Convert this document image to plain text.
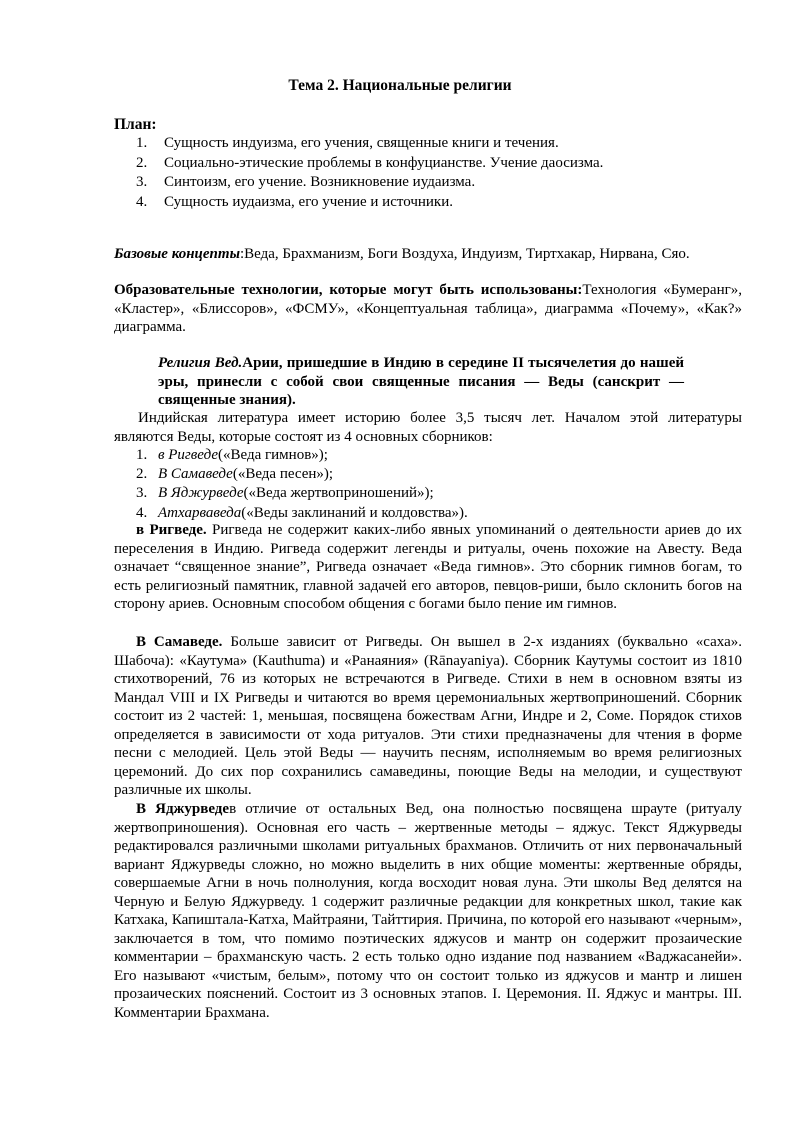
Тема 2. Национальные религии
План:
1. Сущность индуизма, его учения, священные книги и течения.
2. Социально-этические проблемы в конфуцианстве. Учение даосизма.
3. Синтоизм, его учение. Возникновение иудаизма.
4. Сущность иудаизма, его учение и источники.
Базовые концепты:Веда, Брахманизм, Боги Воздуха, Индуизм, Тиртхакар, Нирвана, Сяо.
Образовательные технологии, которые могут быть использованы:Технология «Бумеранг», «Кластер», «Блиссоров», «ФСМУ», «Концептуальная таблица», диаграмма «Почему», «Как?» диаграмма.
Религия Вед.Арии, пришедшие в Индию в середине II тысячелетия до нашей эры, принесли с собой свои священные писания — Веды (санскрит — священные знания).
Индийская литература имеет историю более 3,5 тысяч лет. Началом этой литературы являются Веды, которые состоят из 4 основных сборников:
1. в Ригведе(«Веда гимнов»);
2. В Самаведе(«Веда песен»);
3. В Яджурведе(«Веда жертвоприношений»);
4. Атхарваведа(«Веды заклинаний и колдовства»).
в Ригведе. Ригведа не содержит каких-либо явных упоминаний о деятельности ариев до их переселения в Индию. Ригведа содержит легенды и ритуалы, очень похожие на Авесту. Веда означает “священное знание”, Ригведа означает «Веда гимнов». Это сборник гимнов богам, то есть религиозный памятник, главной задачей его авторов, певцов-риши, было склонить богов на сторону ариев. Основным способом общения с богами было пение им гимнов.
В Самаведе. Больше зависит от Ригведы. Он вышел в 2-х изданиях (буквально «саха». Шабоча): «Каутума» (Kauthuma) и «Ранаяния» (Rānayaniya). Сборник Каутумы состоит из 1810 стихотворений, 76 из которых не встречаются в Ригведе. Стихи в нем в основном взяты из Мандал VIII и IX Ригведы и читаются во время церемониальных жертвоприношений. Сборник состоит из 2 частей: 1, меньшая, посвящена божествам Агни, Индре и 2, Соме. Порядок стихов определяется в зависимости от хода ритуалов. Эти стихи предназначены для чтения в форме песни с мелодией. Цель этой Веды — научить песням, исполняемым во время религиозных церемоний. До сих пор сохранились самаведины, поющие Веды на мелодии, и существуют различные их школы.
В Яджурведев отличие от остальных Вед, она полностью посвящена шрауте (ритуалу жертвоприношения). Основная его часть – жертвенные методы – яджус. Текст Яджурведы редактировался различными школами ритуальных брахманов. Отличить от них первоначальный вариант Яджурведы сложно, но можно выделить в них общие моменты: жертвенные обряды, совершаемые Агни в ночь полнолуния, когда восходит новая луна. Эти школы Вед делятся на Черную и Белую Яджурведу. 1 содержит различные редакции для конкретных школ, такие как Катхака, Капиштала-Катха, Майтраяни, Тайттирия. Причина, по которой его называют «черным», заключается в том, что помимо поэтических яджусов и мантр он содержит прозаические комментарии – брахманскую часть. 2 есть только одно издание под названием «Ваджасанейи». Его называют «чистым, белым», потому что он состоит только из яджусов и мантр и лишен прозаических пояснений. Состоит из 3 основных этапов. I. Церемония. II. Яджус и мантры. III. Комментарии Брахмана.
